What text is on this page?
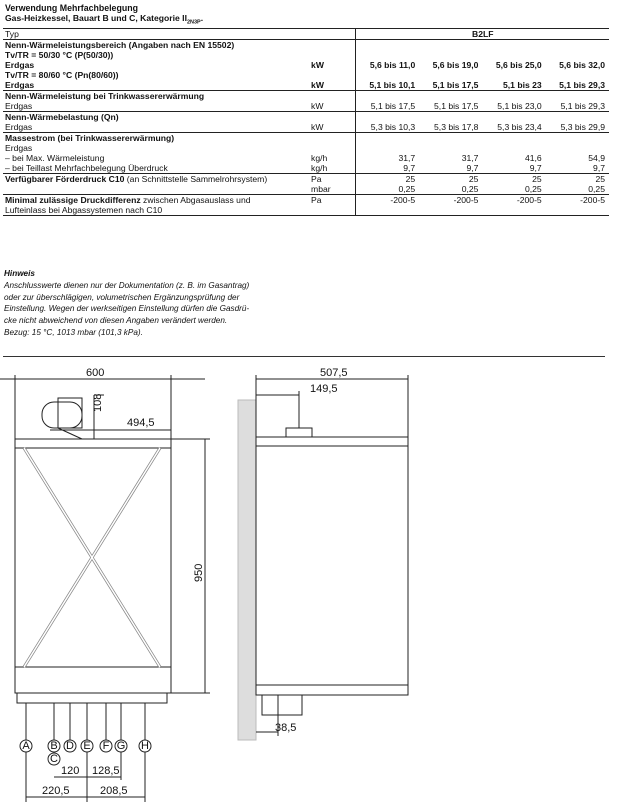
Verwendung Mehrfachbelegung					
Gas-Heizkessel, Bauart B und C, Kategorie $II_{2N3P}$.					
Typ		B2LF			
Nenn-Wärmeleistungsbereich (Angaben nach EN 15502)					
Tv/TR = 50/30 °C (P(50/30))					
Erdgas	kW	5,6 bis 11,0	5,6 bis 19,0	5,6 bis 25,0	5,6 bis 32,0
Tv/TR = 80/60 °C (Pn(80/60))					
Erdgas	kW	5,1 bis 10,1	5,1 bis 17,5	5,1 bis 23	5,1 bis 29,3
Nenn-Wärmeleistung bei Trinkwassererwärmung					
Erdgas	kW	5,1 bis 17,5	5,1 bis 17,5	5,1 bis 23,0	5,1 bis 29,3
Nenn-Wärmebelastung (Qn)					
Erdgas	kW	5,3 bis 10,3	5,3 bis 17,8	5,3 bis 23,4	5,3 bis 29,9
Massestrom (bei Trinkwassererwärmung)					
Erdgas					
– bei Max. Wärmeleistung	kg/h	31,7	31,7	41,6	54,9
– bei Teillast Mehrfachbelegung Überdruck	kg/h	9,7	9,7	9,7	9,7
Verfügbarer Förderdruck C10 (an Schnittstelle Sammelrohrsystem)	Pa	25	25	25	25
	mbar	0,25	0,25	0,25	0,25
Minimal zulässige Druckdifferenz zwischen Abgasauslass und	Pa	-200-5	-200-5	-200-5	-200-5
Lufteinlass bei Abgassystemen nach C10					
Hinweis
Anschlusswerte dienen nur der Dokumentation (z. B. im Gasantrag)
oder zur überschlägigen, volumetrischen Ergänzungsprüfung der
Einstellung. Wegen der werkseitigen Einstellung dürfen die Gasdrü-
cke nicht abweichend von diesen Angaben verändert werden.
Bezug: 15 °C, 1013 mbar (101,3 kPa).
A B
C
D E F G H
600
108
494,5
950
507,5
149,5
38,5
120 128,5
220,5	208,5
